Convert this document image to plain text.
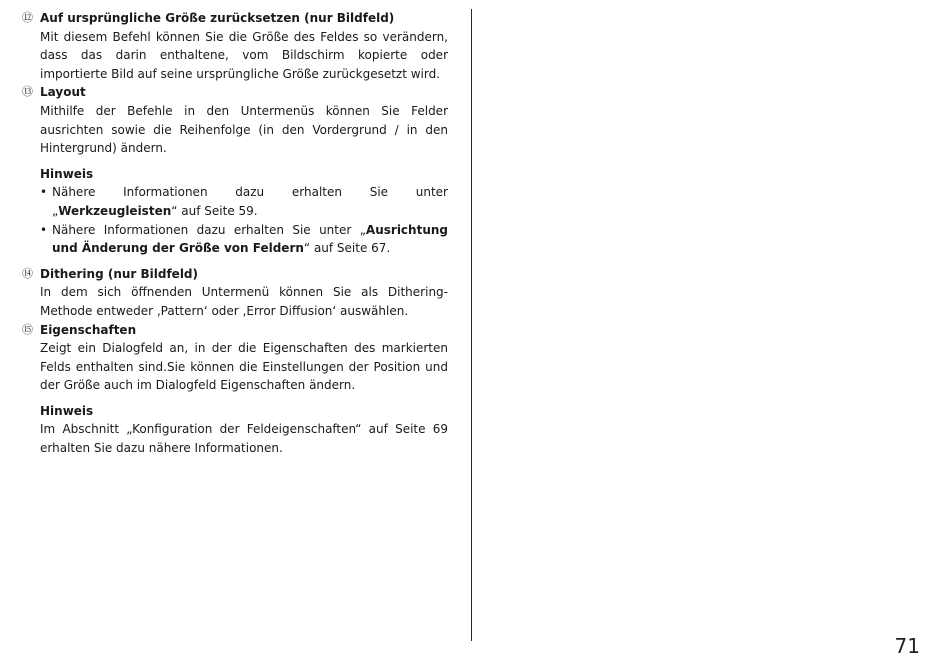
⑫ Auf ursprüngliche Größe zurücksetzen (nur Bildfeld)
Mit diesem Befehl können Sie die Größe des Feldes so verändern, dass das darin enthaltene, vom Bildschirm kopierte oder importierte Bild auf seine ursprüngliche Größe zurückgesetzt wird.
⑬ Layout
Mithilfe der Befehle in den Untermenüs können Sie Felder ausrichten sowie die Reihenfolge (in den Vordergrund / in den Hintergrund) ändern.
Hinweis
• Nähere Informationen dazu erhalten Sie unter „Werkzeugleisten“ auf Seite 59.
• Nähere Informationen dazu erhalten Sie unter „Ausrichtung und Änderung der Größe von Feldern“ auf Seite 67.
⑭ Dithering (nur Bildfeld)
In dem sich öffnenden Untermenü können Sie als Dithering-Methode entweder ‚Pattern‘ oder ‚Error Diffusion‘ auswählen.
⑮ Eigenschaften
Zeigt ein Dialogfeld an, in der die Eigenschaften des markierten Felds enthalten sind.Sie können die Einstellungen der Position und der Größe auch im Dialogfeld Eigenschaften ändern.
Hinweis
Im Abschnitt „Konfiguration der Feldeigenschaften“ auf Seite 69 erhalten Sie dazu nähere Informationen.
71
